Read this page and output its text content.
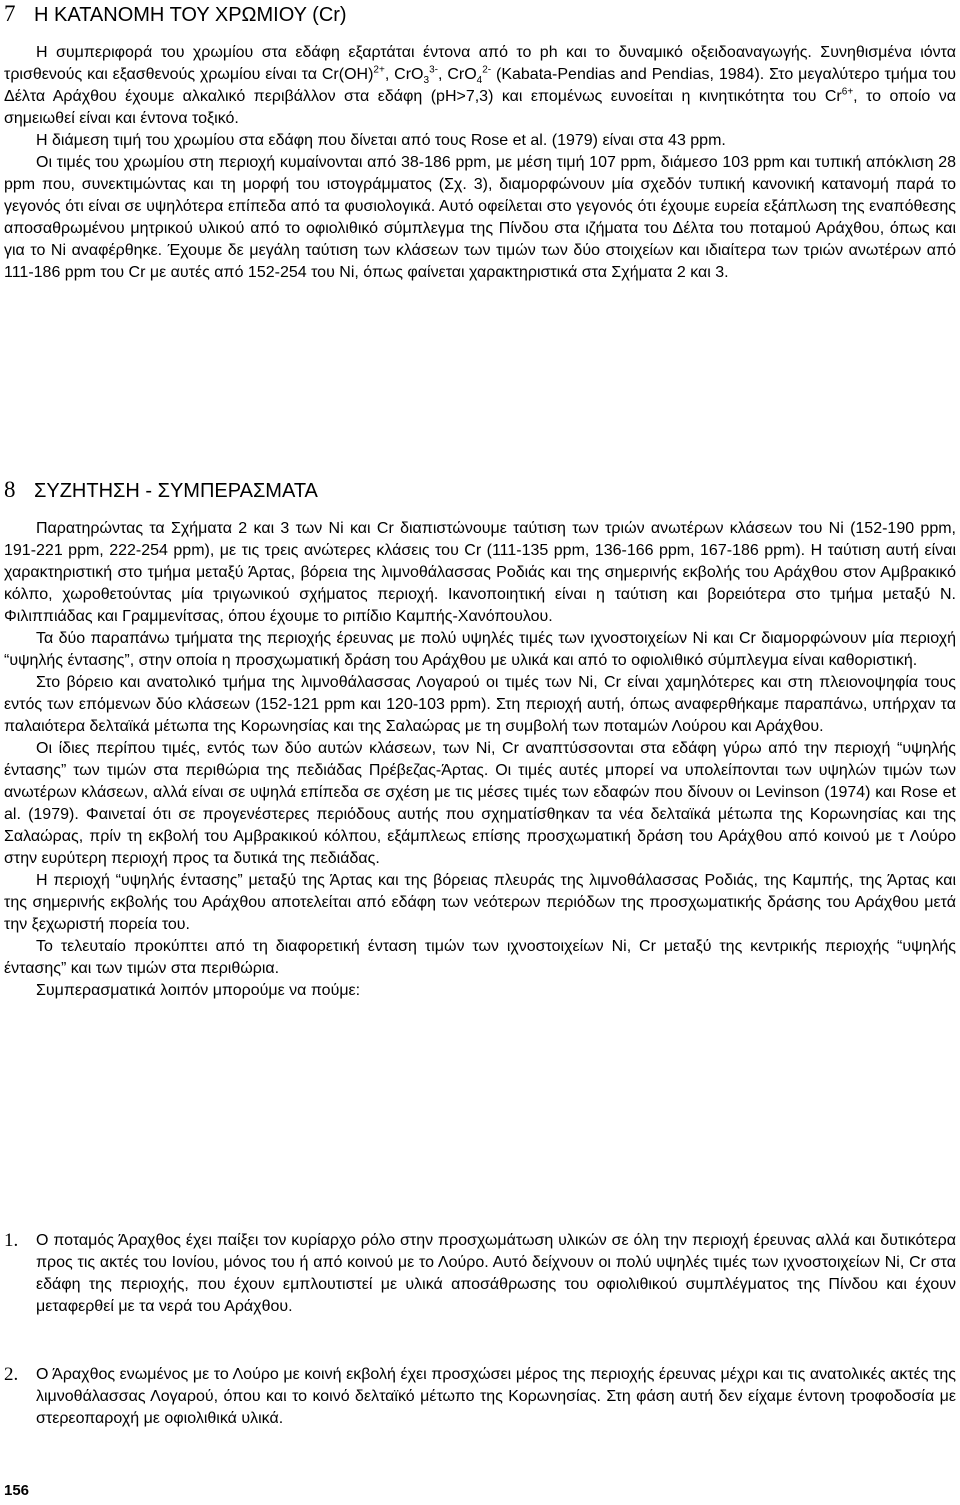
7 Η ΚΑΤΑΝΟΜΗ ΤΟΥ ΧΡΩΜΙΟΥ (Cr)

Η συμπεριφορά του χρωμίου στα εδάφη εξαρτάται έντονα από το ph και το δυναμικό οξειδοαναγωγής. Συνηθισμένα ιόντα τρισθενούς και εξασθενούς χρωμίου είναι τα Cr(OH)$^{2+}$, CrO$_3^{3-}$, CrO$_4^{2-}$ (Kabata-Pendias and Pendias, 1984). Στο μεγαλύτερο τμήμα του Δέλτα Αράχθου έχουμε αλκαλικό περιβάλλον στα εδάφη (pH>7,3) και επομένως ευνοείται η κινητικότητα του $Cr^{6+}$, το οποίο να σημειωθεί είναι και έντονα τοξικό.

Η διάμεση τιμή του χρωμίου στα εδάφη που δίνεται από τους Rose et al. (1979) είναι στα 43 ppm.

Οι τιμές του χρωμίου στη περιοχή κυμαίνονται από 38-186 ppm, με μέση τιμή 107 ppm, διάμεσο 103 ppm και τυπική απόκλιση 28 ppm που, συνεκτιμώντας και τη μορφή του ιστογράμματος (Σχ. 3), διαμορφώνουν μία σχεδόν τυπική κανονική κατανομή παρά το γεγονός ότι είναι σε υψηλότερα επίπεδα από τα φυσιολογικά. Αυτό οφείλεται στο γεγονός ότι έχουμε ευρεία εξάπλωση της εναπόθεσης αποσαθρωμένου μητρικού υλικού από το οφιολιθικό σύμπλεγμα της Πίνδου στα ιζήματα του Δέλτα του ποταμού Αράχθου, όπως και για το Ni αναφέρθηκε. Έχουμε δε μεγάλη ταύτιση των κλάσεων των τιμών των δύο στοιχείων και ιδιαίτερα των τριών ανωτέρων από 111-186 ppm του Cr με αυτές από 152-254 του Ni, όπως φαίνεται χαρακτηριστικά στα Σχήματα 2 και 3.

8 ΣΥΖΗΤΗΣΗ - ΣΥΜΠΕΡΑΣΜΑΤΑ

Παρατηρώντας τα Σχήματα 2 και 3 των Ni και Cr διαπιστώνουμε ταύτιση των τριών ανωτέρων κλάσεων του Ni (152-190 ppm, 191-221 ppm, 222-254 ppm), με τις τρεις ανώτερες κλάσεις του Cr (111-135 ppm, 136-166 ppm, 167-186 ppm). Η ταύτιση αυτή είναι χαρακτηριστική στο τμήμα μεταξύ Άρτας, βόρεια της λιμνοθάλασσας Ροδιάς και της σημερινής εκβολής του Αράχθου στον Αμβρακικό κόλπο, χωροθετούντας μία τριγωνικού σχήματος περιοχή. Ικανοποιητική είναι η ταύτιση και βορειότερα στο τμήμα μεταξύ Ν. Φιλιππιάδας και Γραμμενίτσας, όπου έχουμε το ριπίδιο Καμπής-Χανόπουλου.

Τα δύο παραπάνω τμήματα της περιοχής έρευνας με πολύ υψηλές τιμές των ιχνοστοιχείων Ni και Cr διαμορφώνουν μία περιοχή “υψηλής έντασης”, στην οποία η προσχωματική δράση του Αράχθου με υλικά και από το οφιολιθικό σύμπλεγμα είναι καθοριστική.

Στο βόρειο και ανατολικό τμήμα της λιμνοθάλασσας Λογαρού οι τιμές των Ni, Cr είναι χαμηλότερες και στη πλειονοψηφία τους εντός των επόμενων δύο κλάσεων (152-121 ppm και 120-103 ppm). Στη περιοχή αυτή, όπως αναφερθήκαμε παραπάνω, υπήρχαν τα παλαιότερα δελταϊκά μέτωπα της Κορωνησίας και της Σαλαώρας με τη συμβολή των ποταμών Λούρου και Αράχθου.

Οι ίδιες περίπου τιμές, εντός των δύο αυτών κλάσεων, των Ni, Cr αναπτύσσονται στα εδάφη γύρω από την περιοχή “υψηλής έντασης” των τιμών στα περιθώρια της πεδιάδας Πρέβεζας-Άρτας. Οι τιμές αυτές μπορεί να υπολείπονται των υψηλών τιμών των ανωτέρων κλάσεων, αλλά είναι σε υψηλά επίπεδα σε σχέση με τις μέσες τιμές των εδαφών που δίνουν οι Levinson (1974) και Rose et al. (1979). Φαινεταί ότι σε προγενέστερες περιόδους αυτής που σχηματίσθηκαν τα νέα δελταϊκά μέτωπα της Κορωνησίας και της Σαλαώρας, πρίν τη εκβολή του Αμβρακικού κόλπου, εξάμπλεως επίσης προσχωματική δράση του Αράχθου από κοινού με τ Λούρο στην ευρύτερη περιοχή προς τα δυτικά της πεδιάδας.

Η περιοχή “υψηλής έντασης” μεταξύ της Άρτας και της βόρειας πλευράς της λιμνοθάλασσας Ροδιάς, της Καμπής, της Άρτας και της σημερινής εκβολής του Αράχθου αποτελείται από εδάφη των νεότερων περιόδων της προσχωματικής δράσης του Αράχθου μετά την ξεχωριστή πορεία του.

Το τελευταίο προκύπτει από τη διαφορετική ένταση τιμών των ιχνοστοιχείων Ni, Cr μεταξύ της κεντρικής περιοχής “υψηλής έντασης” και των τιμών στα περιθώρια.

Συμπερασματικά λοιπόν μπορούμε να πούμε:

1. Ο ποταμός Άραχθος έχει παίξει τον κυρίαρχο ρόλο στην προσχωμάτωση υλικών σε όλη την περιοχή έρευνας αλλά και δυτικότερα προς τις ακτές του Ιονίου, μόνος του ή από κοινού με το Λούρο. Αυτό δείχνουν οι πολύ υψηλές τιμές των ιχνοστοιχείων Ni, Cr στα εδάφη της περιοχής, που έχουν εμπλουτιστεί με υλικά αποσάθρωσης του οφιολιθικού συμπλέγματος της Πίνδου και έχουν μεταφερθεί με τα νερά του Αράχθου.
2. Ο Άραχθος ενωμένος με το Λούρο με κοινή εκβολή έχει προσχώσει μέρος της περιοχής έρευνας μέχρι και τις ανατολικές ακτές της λιμνοθάλασσας Λογαρού, όπου και το κοινό δελταϊκό μέτωπο της Κορωνησίας. Στη φάση αυτή δεν είχαμε έντονη τροφοδοσία με στερεοπαροχή με οφιολιθικά υλικά.
156
